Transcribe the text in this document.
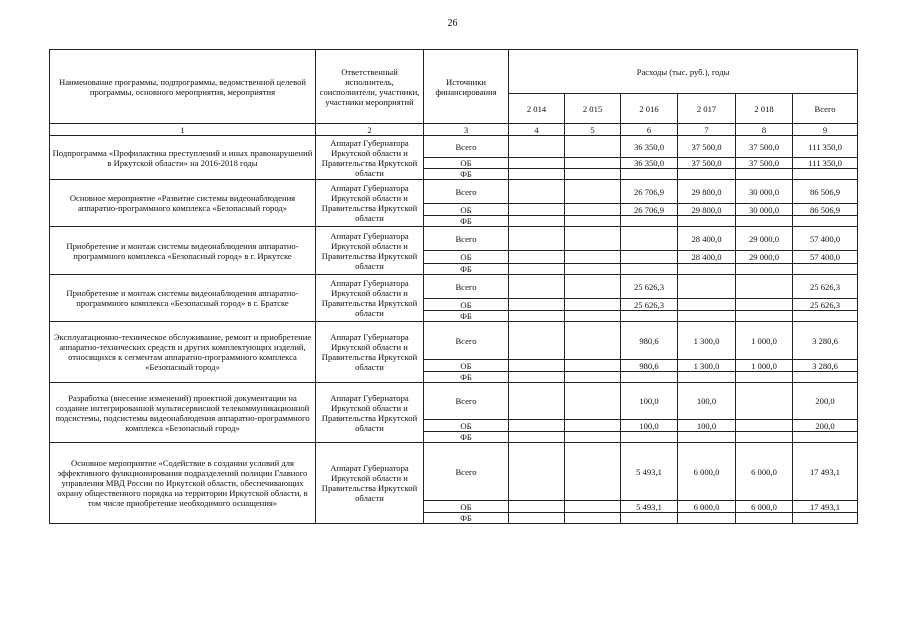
26
Наименование программы, подпрограммы, ведомственной целевой программы, основного мероприятия, мероприятия	Ответственный исполнитель, соисполнители, участники, участники мероприятий	Источники финансирования	Расходы (тыс. руб.), годы					
			2 014	2 015	2 016	2 017	2 018	Всего
1	2	3	4	5	6	7	8	9
Подпрограмма «Профилактика преступлений и иных правонарушений в Иркутской области» на 2016-2018 годы	Аппарат Губернатора Иркутской области и Правительства Иркутской области	Всего			36 350,0	37 500,0	37 500,0	111 350,0
		ОБ			36 350,0	37 500,0	37 500,0	111 350,0
		ФБ						
Основное мероприятие «Развитие системы видеонаблюдения аппаратно-программного комплекса «Безопасный город»	Аппарат Губернатора Иркутской области и Правительства Иркутской области	Всего			26 706,9	29 800,0	30 000,0	86 506,9
		ОБ			26 706,9	29 800,0	30 000,0	86 506,9
		ФБ						
Приобретение и монтаж системы видеонаблюдения аппаратно-программного комплекса «Безопасный город» в г. Иркутске	Аппарат Губернатора Иркутской области и Правительства Иркутской области	Всего				28 400,0	29 000,0	57 400,0
		ОБ				28 400,0	29 000,0	57 400,0
		ФБ						
Приобретение и монтаж системы видеонаблюдения аппаратно-программного комплекса «Безопасный город» в г. Братске	Аппарат Губернатора Иркутской области и Правительства Иркутской области	Всего			25 626,3			25 626,3
		ОБ			25 626,3			25 626,3
		ФБ						
Эксплуатационно-техническое обслуживание, ремонт и приобретение аппаратно-технических средств и других комплектующих изделий, относящихся к сегментам аппаратно-программного комплекса «Безопасный город»	Аппарат Губернатора Иркутской области и Правительства Иркутской области	Всего			980,6	1 300,0	1 000,0	3 280,6
		ОБ			980,6	1 300,0	1 000,0	3 280,6
		ФБ						
Разработка (внесение изменений) проектной документации на создание интегрированной мультисервисной телекоммуникационной подсистемы, подсистемы видеонаблюдения аппаратно-программного комплекса «Безопасный город»	Аппарат Губернатора Иркутской области и Правительства Иркутской области	Всего			100,0	100,0		200,0
		ОБ			100,0	100,0		200,0
		ФБ						
Основное мероприятие «Содействие в создании условий для эффективного функционирования подразделений полиции Главного управления МВД России по Иркутской области, обеспечивающих охрану общественного порядка на территории Иркутской области, в том числе приобретение необходимого оснащения»	Аппарат Губернатора Иркутской области и Правительства Иркутской области	Всего			5 493,1	6 000,0	6 000,0	17 493,1
		ОБ			5 493,1	6 000,0	6 000,0	17 493,1
		ФБ						
